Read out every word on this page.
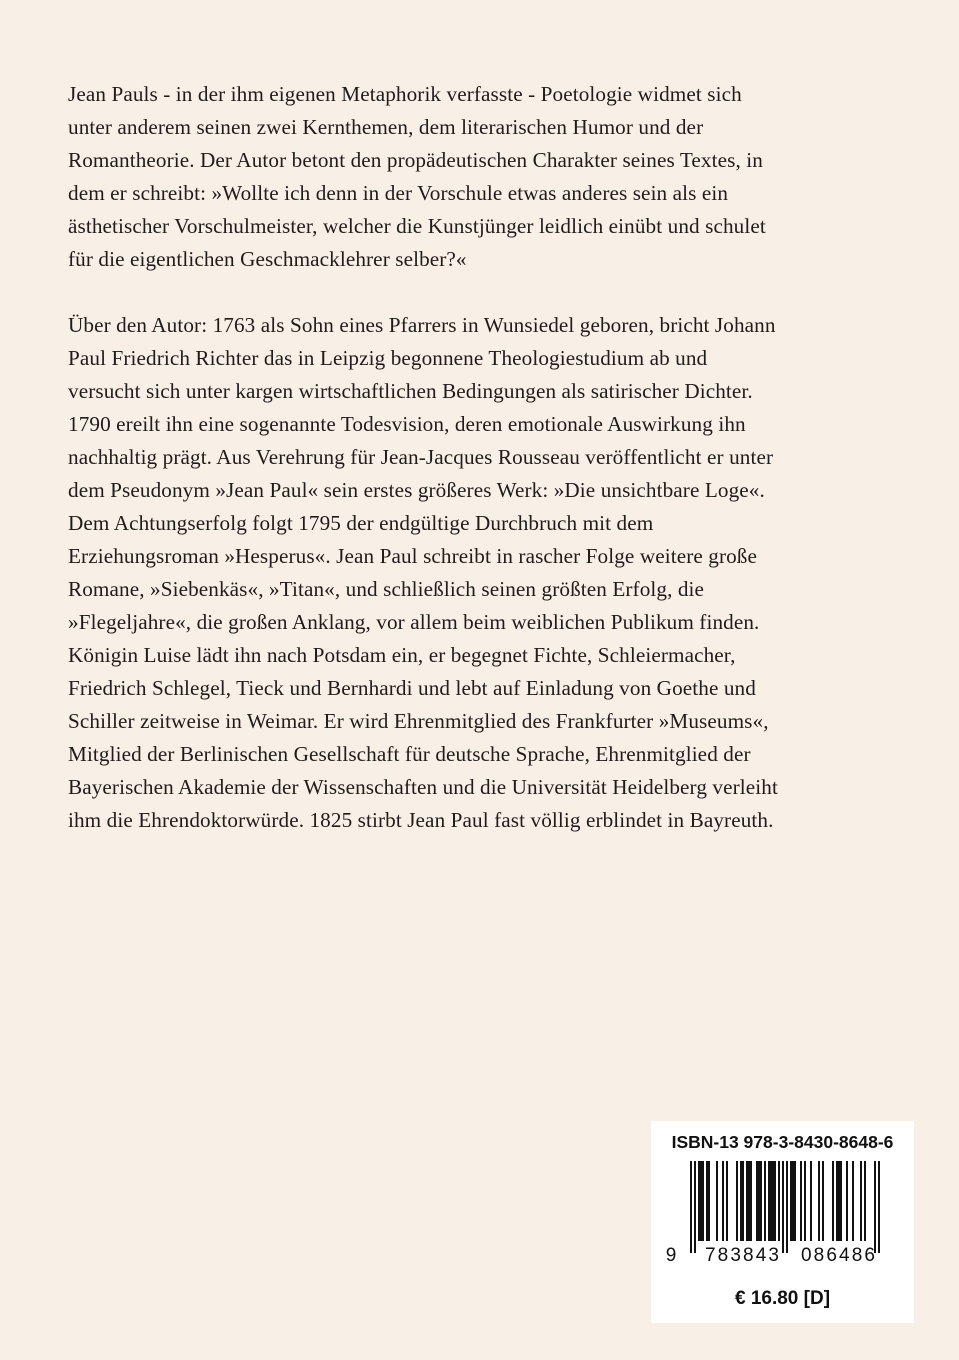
Jean Pauls - in der ihm eigenen Metaphorik verfasste - Poetologie widmet sich
unter anderem seinen zwei Kernthemen, dem literarischen Humor und der
Romantheorie. Der Autor betont den propädeutischen Charakter seines Textes, in
dem er schreibt: »Wollte ich denn in der Vorschule etwas anderes sein als ein
ästhetischer Vorschulmeister, welcher die Kunstjünger leidlich einübt und schulet
für die eigentlichen Geschmacklehrer selber?«

Über den Autor: 1763 als Sohn eines Pfarrers in Wunsiedel geboren, bricht Johann
Paul Friedrich Richter das in Leipzig begonnene Theologiestudium ab und
versucht sich unter kargen wirtschaftlichen Bedingungen als satirischer Dichter.
1790 ereilt ihn eine sogenannte Todesvision, deren emotionale Auswirkung ihn
nachhaltig prägt. Aus Verehrung für Jean-Jacques Rousseau veröffentlicht er unter
dem Pseudonym »Jean Paul« sein erstes größeres Werk: »Die unsichtbare Loge«.
Dem Achtungserfolg folgt 1795 der endgültige Durchbruch mit dem
Erziehungsroman »Hesperus«. Jean Paul schreibt in rascher Folge weitere große
Romane, »Siebenkäs«, »Titan«, und schließlich seinen größten Erfolg, die
»Flegeljahre«, die großen Anklang, vor allem beim weiblichen Publikum finden.
Königin Luise lädt ihn nach Potsdam ein, er begegnet Fichte, Schleiermacher,
Friedrich Schlegel, Tieck und Bernhardi und lebt auf Einladung von Goethe und
Schiller zeitweise in Weimar. Er wird Ehrenmitglied des Frankfurter »Museums«,
Mitglied der Berlinischen Gesellschaft für deutsche Sprache, Ehrenmitglied der
Bayerischen Akademie der Wissenschaften und die Universität Heidelberg verleiht
ihm die Ehrendoktorwürde. 1825 stirbt Jean Paul fast völlig erblindet in Bayreuth.

ISBN-13 978-3-8430-8648-6
9 783843 086486
€ 16.80 [D]
